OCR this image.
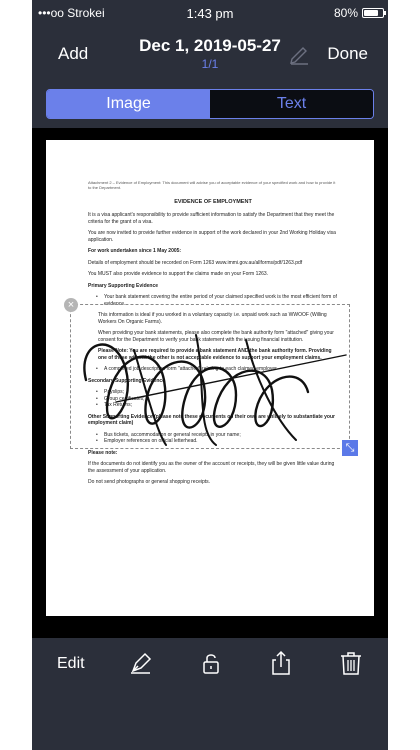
•••oo Strokei	1:43 pm	80%
Add	Dec 1, 2019-05-27
1/1
Done
Image	Text
Attachment 2 – Evidence of Employment: This document will advise you of acceptable evidence of your specified work and how to provide it to the Department.
EVIDENCE OF EMPLOYMENT

It is a visa applicant's responsibility to provide sufficient information to satisfy the Department that they meet the criteria for the grant of a visa.

You are now invited to provide further evidence in support of the work declared in your 2nd Working Holiday visa application.

For work undertaken since 1 May 2005:

Details of employment should be recorded on Form 1263 www.immi.gov.au/allforms/pdf/1263.pdf

You MUST also provide evidence to support the claims made on your Form 1263.

Primary Supporting Evidence

• Your bank statement covering the entire period of your claimed specified work is the most efficient form of evidence.

This information is ideal if you worked in a voluntary capacity i.e. unpaid work such as WWOOF (Willing Workers On Organic Farms).

When providing your bank statements, please also complete the bank authority form "attached" giving your consent for the Department to verify your bank statement with the issuing financial institution.

Please Note: You are required to provide a bank statement AND the bank authority form. Providing one of these without the other is not acceptable evidence to support your employment claims.

• A completed job description form "attached" relating to each claimed employer

Secondary Supporting Evidence

• Payslips;
• Group certificates;
• Tax Returns;

Other Supporting Evidence (please note these documents on their own are unlikely to substantiate your employment claim)

• Bus tickets, accommodation or general receipts in your name;
• Employer references on official letterhead.

Please note:

If the documents do not identify you as the owner of the account or receipts, they will be given little value during the assessment of your application.

Do not send photographs or general shopping receipts.

×
⤡
Edit
